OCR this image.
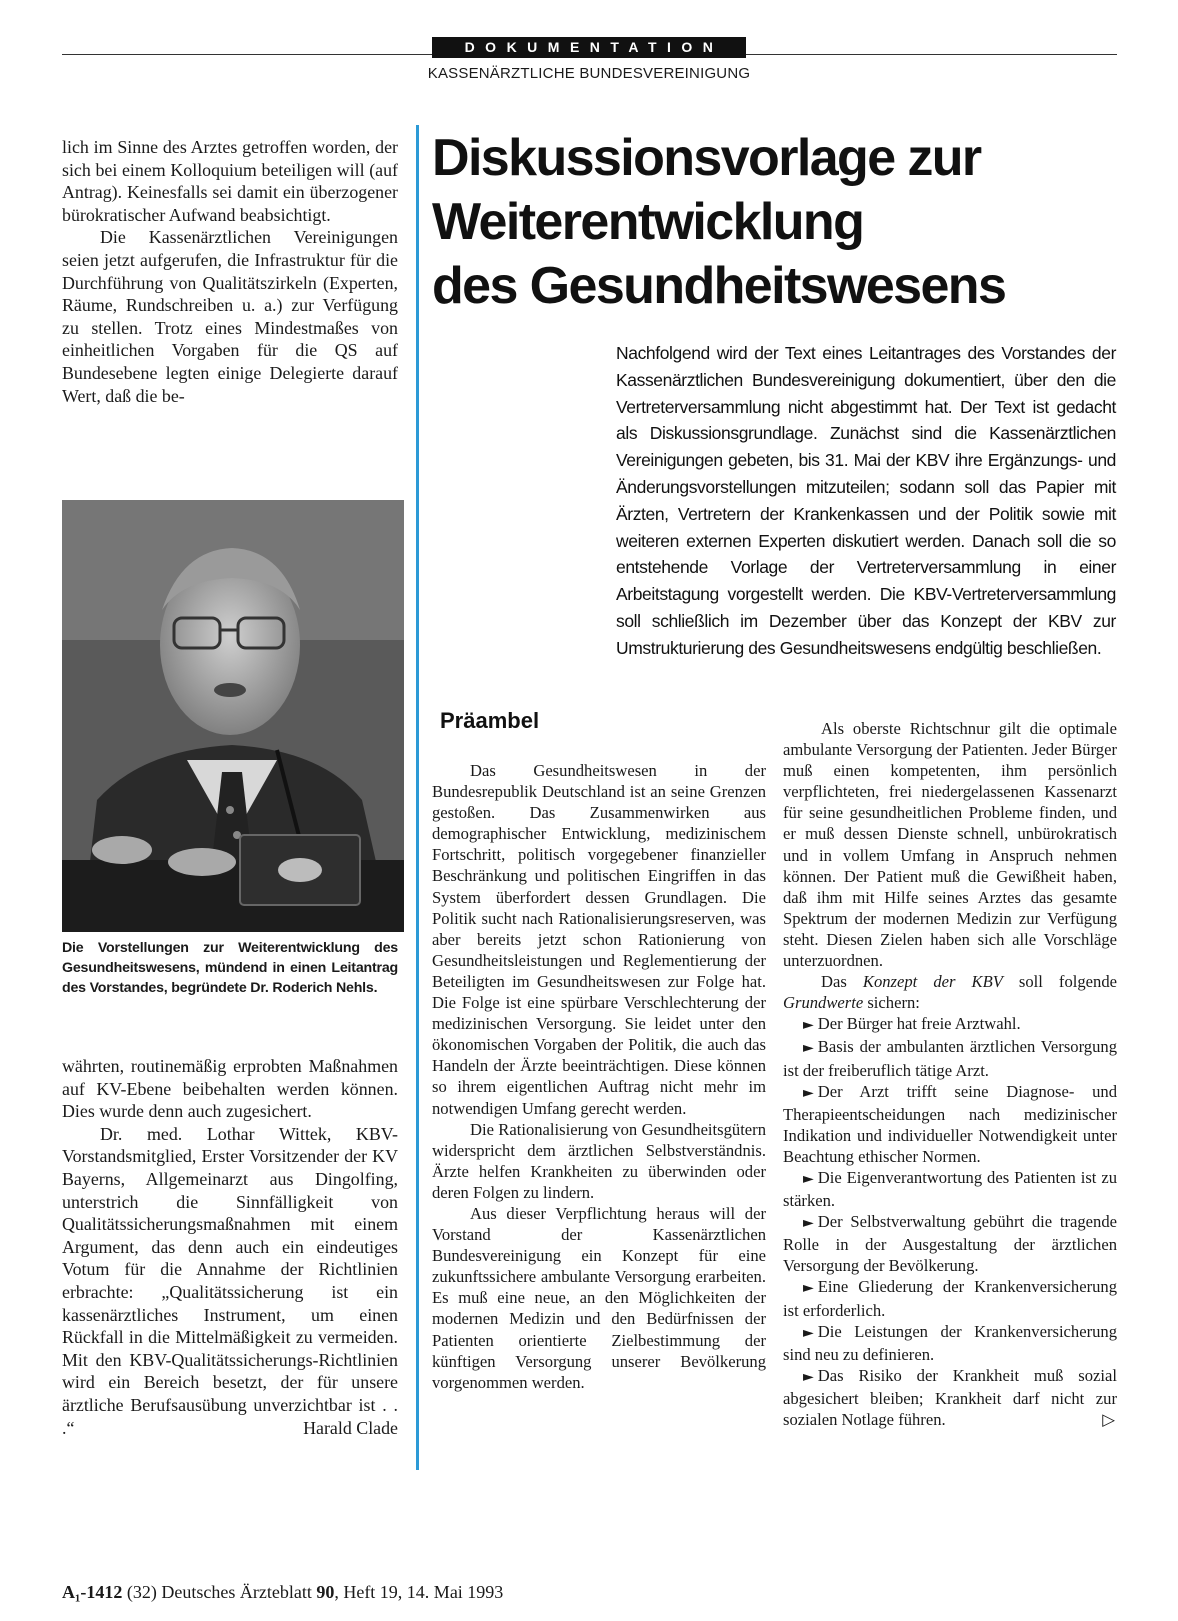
DOKUMENTATION
KASSENÄRZTLICHE BUNDESVEREINIGUNG

lich im Sinne des Arztes getroffen worden, der sich bei einem Kolloquium beteiligen will (auf Antrag). Keinesfalls sei damit ein überzogener bürokratischer Aufwand beabsichtigt.

Die Kassenärztlichen Vereinigungen seien jetzt aufgerufen, die Infrastruktur für die Durchführung von Qualitätszirkeln (Experten, Räume, Rundschreiben u. a.) zur Verfügung zu stellen. Trotz eines Mindestmaßes von einheitlichen Vorgaben für die QS auf Bundesebene legten einige Delegierte darauf Wert, daß die be-

Die Vorstellungen zur Weiterentwicklung des Gesundheitswesens, mündend in einen Leitantrag des Vorstandes, begründete Dr. Roderich Nehls.

währten, routinemäßig erprobten Maßnahmen auf KV-Ebene beibehalten werden können. Dies wurde denn auch zugesichert.

Dr. med. Lothar Wittek, KBV-Vorstandsmitglied, Erster Vorsitzender der KV Bayerns, Allgemeinarzt aus Dingolfing, unterstrich die Sinnfälligkeit von Qualitätssicherungsmaßnahmen mit einem Argument, das denn auch ein eindeutiges Votum für die Annahme der Richtlinien erbrachte: „Qualitätssicherung ist ein kassenärztliches Instrument, um einen Rückfall in die Mittelmäßigkeit zu vermeiden. Mit den KBV-Qualitätssicherungs-Richtlinien wird ein Bereich besetzt, der für unsere ärztliche Berufsausübung unverzichtbar ist . . .“	Harald Clade

Diskussionsvorlage zur
Weiterentwicklung
des Gesundheitswesens
Nachfolgend wird der Text eines Leitantrages des Vorstandes der Kassenärztlichen Bundesvereinigung dokumentiert, über den die Vertreterversammlung nicht abgestimmt hat. Der Text ist gedacht als Diskussionsgrundlage. Zunächst sind die Kassenärztlichen Vereinigungen gebeten, bis 31. Mai der KBV ihre Ergänzungs- und Änderungsvorstellungen mitzuteilen; sodann soll das Papier mit Ärzten, Vertretern der Krankenkassen und der Politik sowie mit weiteren externen Experten diskutiert werden. Danach soll die so entstehende Vorlage der Vertreterversammlung in einer Arbeitstagung vorgestellt werden. Die KBV-Vertreterversammlung soll schließlich im Dezember über das Konzept der KBV zur Umstrukturierung des Gesundheitswesens endgültig beschließen.
Präambel

Das Gesundheitswesen in der Bundesrepublik Deutschland ist an seine Grenzen gestoßen. Das Zusammenwirken aus demographischer Entwicklung, medizinischem Fortschritt, politisch vorgegebener finanzieller Beschränkung und politischen Eingriffen in das System überfordert dessen Grundlagen. Die Politik sucht nach Rationalisierungsreserven, was aber bereits jetzt schon Rationierung von Gesundheitsleistungen und Reglementierung der Beteiligten im Gesundheitswesen zur Folge hat. Die Folge ist eine spürbare Verschlechterung der medizinischen Versorgung. Sie leidet unter den ökonomischen Vorgaben der Politik, die auch das Handeln der Ärzte beeinträchtigen. Diese können so ihrem eigentlichen Auftrag nicht mehr im notwendigen Umfang gerecht werden.

Die Rationalisierung von Gesundheitsgütern widerspricht dem ärztlichen Selbstverständnis. Ärzte helfen Krankheiten zu überwinden oder deren Folgen zu lindern.

Aus dieser Verpflichtung heraus will der Vorstand der Kassenärztlichen Bundesvereinigung ein Konzept für eine zukunftssichere ambulante Versorgung erarbeiten. Es muß eine neue, an den Möglichkeiten der modernen Medizin und den Bedürfnissen der Patienten orientierte Zielbestimmung der künftigen Versorgung unserer Bevölkerung vorgenommen werden.

Als oberste Richtschnur gilt die optimale ambulante Versorgung der Patienten. Jeder Bürger muß einen kompetenten, ihm persönlich verpflichteten, frei niedergelassenen Kassenarzt für seine gesundheitlichen Probleme finden, und er muß dessen Dienste schnell, unbürokratisch und in vollem Umfang in Anspruch nehmen können. Der Patient muß die Gewißheit haben, daß ihm mit Hilfe seines Arztes das gesamte Spektrum der modernen Medizin zur Verfügung steht. Diesen Zielen haben sich alle Vorschläge unterzuordnen.

Das Konzept der KBV soll folgende Grundwerte sichern:

► Der Bürger hat freie Arztwahl.

► Basis der ambulanten ärztlichen Versorgung ist der freiberuflich tätige Arzt.

► Der Arzt trifft seine Diagnose- und Therapieentscheidungen nach medizinischer Indikation und individueller Notwendigkeit unter Beachtung ethischer Normen.

► Die Eigenverantwortung des Patienten ist zu stärken.

► Der Selbstverwaltung gebührt die tragende Rolle in der Ausgestaltung der ärztlichen Versorgung der Bevölkerung.

► Eine Gliederung der Krankenversicherung ist erforderlich.

► Die Leistungen der Krankenversicherung sind neu zu definieren.

► Das Risiko der Krankheit muß sozial abgesichert bleiben; Krankheit darf nicht zur sozialen Notlage führen.	▷

A₁-1412 (32) Deutsches Ärzteblatt 90, Heft 19, 14. Mai 1993
